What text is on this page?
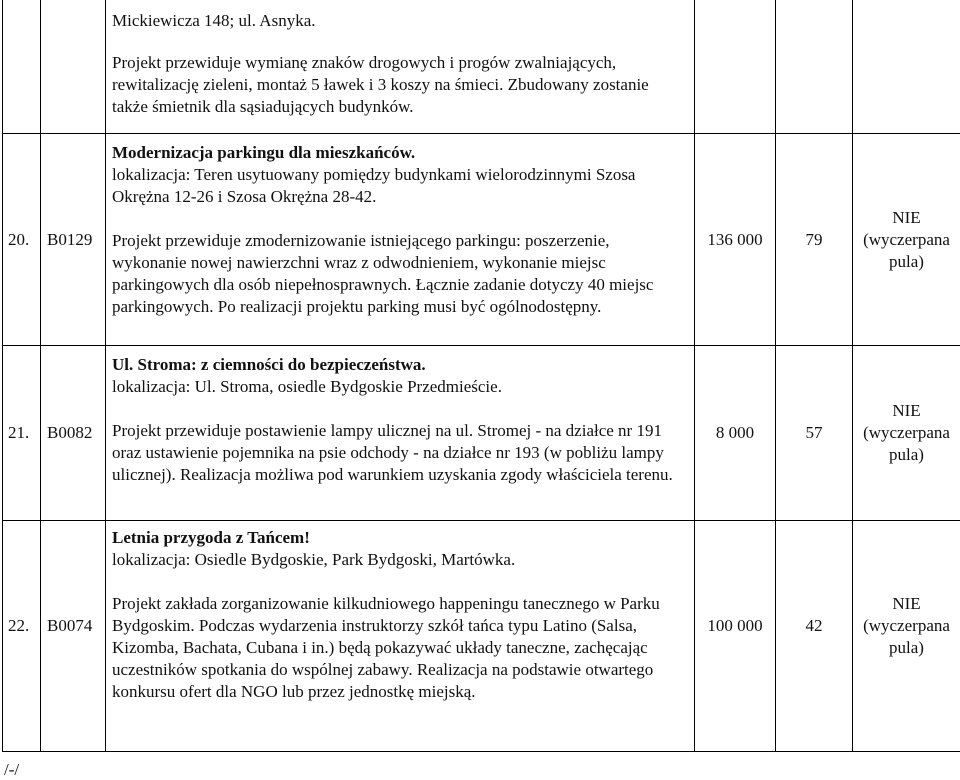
Mickiewicza 148; ul. Asnyka.

Projekt przewiduje wymianę znaków drogowych i progów zwalniających, rewitalizację zieleni, montaż 5 ławek i 3 koszy na śmieci. Zbudowany zostanie także śmietnik dla sąsiadujących budynków.

20. B0129

Modernizacja parkingu dla mieszkańców.

lokalizacja: Teren usytuowany pomiędzy budynkami wielorodzinnymi Szosa Okrężna 12-26 i Szosa Okrężna 28-42.

Projekt przewiduje zmodernizowanie istniejącego parkingu: poszerzenie, wykonanie nowej nawierzchni wraz z odwodnieniem, wykonanie miejsc parkingowych dla osób niepełnosprawnych. Łącznie zadanie dotyczy 40 miejsc parkingowych. Po realizacji projektu parking musi być ogólnodostępny.

136 000	79
NIE
(wyczerpana
pula)
21. B0082

Ul. Stroma: z ciemności do bezpieczeństwa.

lokalizacja: Ul. Stroma, osiedle Bydgoskie Przedmieście.

Projekt przewiduje postawienie lampy ulicznej na ul. Stromej - na działce nr 191 oraz ustawienie pojemnika na psie odchody - na działce nr 193 (w pobliżu lampy ulicznej). Realizacja możliwa pod warunkiem uzyskania zgody właściciela terenu.

8 000	57
NIE
(wyczerpana
pula)
22. B0074

Letnia przygoda z Tańcem!

lokalizacja: Osiedle Bydgoskie, Park Bydgoski, Martówka.

Projekt zakłada zorganizowanie kilkudniowego happeningu tanecznego w Parku Bydgoskim. Podczas wydarzenia instruktorzy szkół tańca typu Latino (Salsa, Kizomba, Bachata, Cubana i in.) będą pokazywać układy taneczne, zachęcając uczestników spotkania do wspólnej zabawy. Realizacja na podstawie otwartego konkursu ofert dla NGO lub przez jednostkę miejską.

100 000	42
NIE
(wyczerpana
pula)
/-/
